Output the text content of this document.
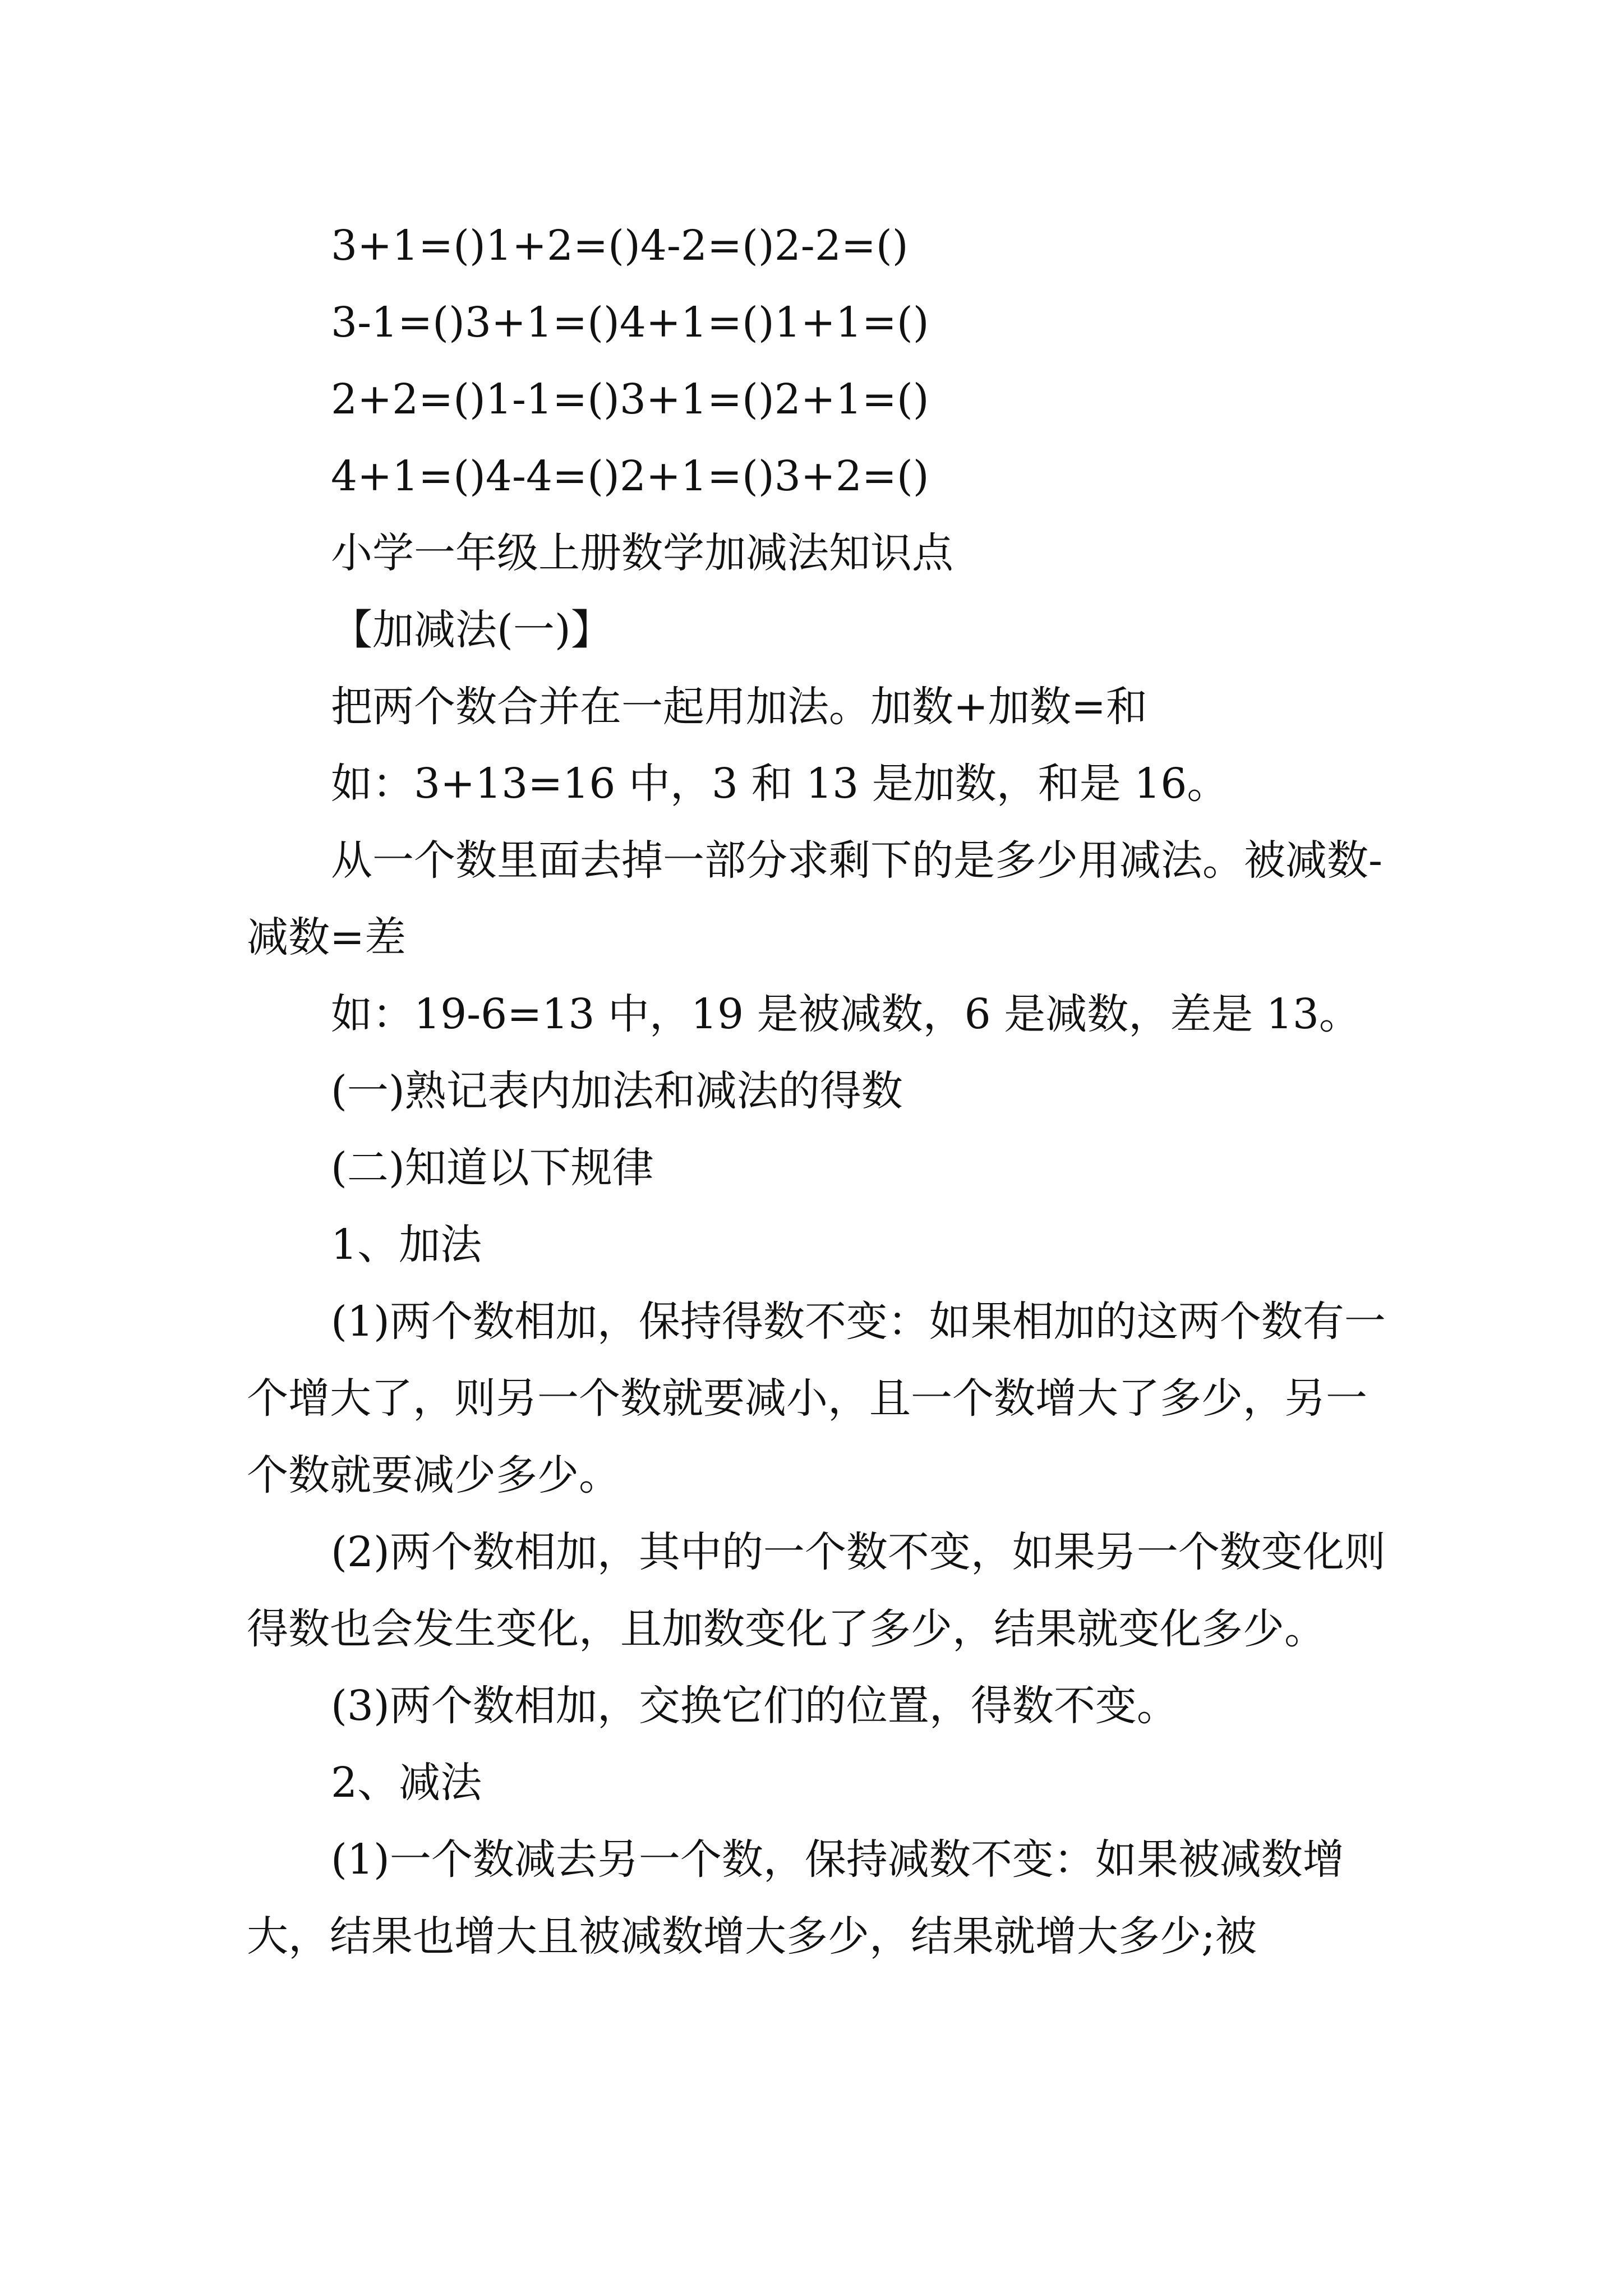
3+1=()1+2=()4-2=()2-2=()

3-1=()3+1=()4+1=()1+1=()

2+2=()1-1=()3+1=()2+1=()

4+1=()4-4=()2+1=()3+2=()

小学一年级上册数学加减法知识点

【加减法(一)】

把两个数合并在一起用加法。加数+加数=和

如：3+13=16 中，3 和 13 是加数，和是 16。

从一个数里面去掉一部分求剩下的是多少用减法。被减数-减数=差

如：19-6=13 中，19 是被减数，6 是减数，差是 13。

(一)熟记表内加法和减法的得数

(二)知道以下规律

1、加法

(1)两个数相加，保持得数不变：如果相加的这两个数有一个增大了，则另一个数就要减小，且一个数增大了多少，另一个数就要减少多少。

(2)两个数相加，其中的一个数不变，如果另一个数变化则得数也会发生变化，且加数变化了多少，结果就变化多少。

(3)两个数相加，交换它们的位置，得数不变。

2、减法

(1)一个数减去另一个数，保持减数不变：如果被减数增大，结果也增大且被减数增大多少，结果就增大多少;被
